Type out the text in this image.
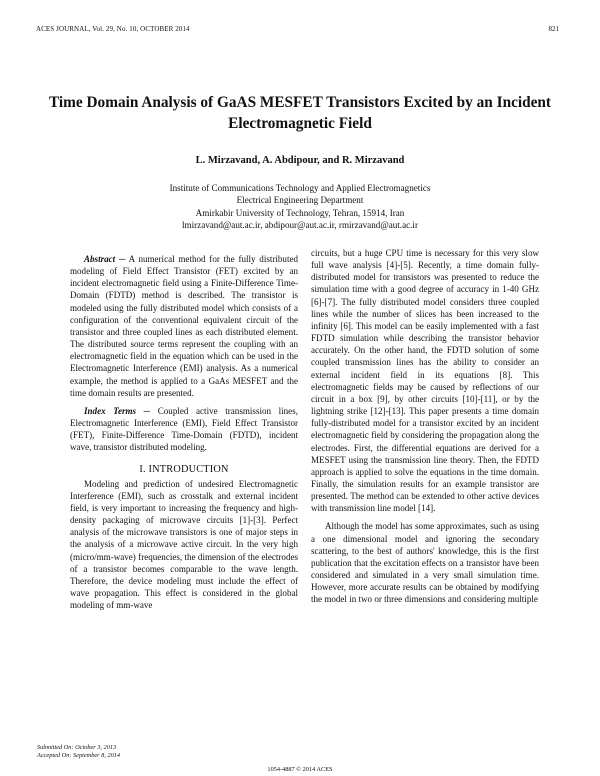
ACES JOURNAL, Vol. 29, No. 10, OCTOBER 2014	821
Time Domain Analysis of GaAS MESFET Transistors Excited by an Incident Electromagnetic Field
L. Mirzavand, A. Abdipour, and R. Mirzavand
Institute of Communications Technology and Applied Electromagnetics
Electrical Engineering Department
Amirkabir University of Technology, Tehran, 15914, Iran
lmirzavand@aut.ac.ir, abdipour@aut.ac.ir, rmirzavand@aut.ac.ir

Abstract ─ A numerical method for the fully distributed modeling of Field Effect Transistor (FET) excited by an incident electromagnetic field using a Finite-Difference Time-Domain (FDTD) method is described. The transistor is modeled using the fully distributed model which consists of a configuration of the conventional equivalent circuit of the transistor and three coupled lines as each distributed element. The distributed source terms represent the coupling with an electromagnetic field in the equation which can be used in the Electromagnetic Interference (EMI) analysis. As a numerical example, the method is applied to a GaAs MESFET and the time domain results are presented.

Index Terms ─ Coupled active transmission lines, Electromagnetic Interference (EMI), Field Effect Transistor (FET), Finite-Difference Time-Domain (FDTD), incident wave, transistor distributed modeling.

I. INTRODUCTION

Modeling and prediction of undesired Electromagnetic Interference (EMI), such as crosstalk and external incident field, is very important to increasing the frequency and high-density packaging of microwave circuits [1]-[3]. Perfect analysis of the microwave transistors is one of major steps in the analysis of a microwave active circuit. In the very high (micro/mm-wave) frequencies, the dimension of the electrodes of a transistor becomes comparable to the wave length. Therefore, the device modeling must include the effect of wave propagation. This effect is considered in the global modeling of mm-wave

circuits, but a huge CPU time is necessary for this very slow full wave analysis [4]-[5]. Recently, a time domain fully-distributed model for transistors was presented to reduce the simulation time with a good degree of accuracy in 1-40 GHz [6]-[7]. The fully distributed model considers three coupled lines while the number of slices has been increased to the infinity [6]. This model can be easily implemented with a fast FDTD simulation while describing the transistor behavior accurately. On the other hand, the FDTD solution of some coupled transmission lines has the ability to consider an external incident field in its equations [8]. This electromagnetic fields may be caused by reflections of our circuit in a box [9], by other circuits [10]-[11], or by the lightning strike [12]-[13]. This paper presents a time domain fully-distributed model for a transistor excited by an incident electromagnetic field by considering the propagation along the electrodes. First, the differential equations are derived for a MESFET using the transmission line theory. Then, the FDTD approach is applied to solve the equations in the time domain. Finally, the simulation results for an example transistor are presented. The method can be extended to other active devices with transmission line model [14].

Although the model has some approximates, such as using a one dimensional model and ignoring the secondary scattering, to the best of authors' knowledge, this is the first publication that the excitation effects on a transistor have been considered and simulated in a very small simulation time. However, more accurate results can be obtained by modifying the model in two or three dimensions and considering multiple

Submitted On: October 3, 2013
Accepted On: September 8, 2014
1054-4887 © 2014 ACES
